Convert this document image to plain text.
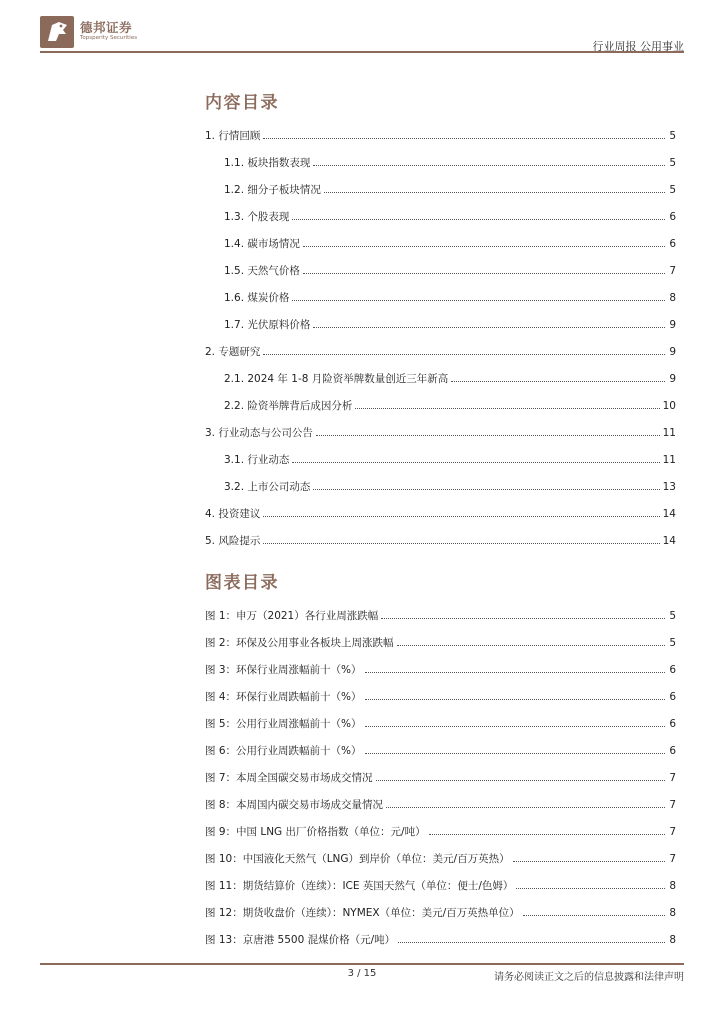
德邦证券
Topsperity Securities
行业周报 公用事业
内容目录
1. 行情回顾	5
1.1. 板块指数表现	5
1.2. 细分子板块情况	5
1.3. 个股表现	6
1.4. 碳市场情况	6
1.5. 天然气价格	7
1.6. 煤炭价格	8
1.7. 光伏原料价格	9
2. 专题研究	9
2.1. 2024 年 1-8 月险资举牌数量创近三年新高	9
2.2. 险资举牌背后成因分析	10
3. 行业动态与公司公告	11
3.1. 行业动态	11
3.2. 上市公司动态	13
4. 投资建议	14
5. 风险提示	14
图表目录
图 1：申万（2021）各行业周涨跌幅	5
图 2：环保及公用事业各板块上周涨跌幅	5
图 3：环保行业周涨幅前十（%）	6
图 4：环保行业周跌幅前十（%）	6
图 5：公用行业周涨幅前十（%）	6
图 6：公用行业周跌幅前十（%）	6
图 7：本周全国碳交易市场成交情况	7
图 8：本周国内碳交易市场成交量情况	7
图 9：中国 LNG 出厂价格指数（单位：元/吨）	7
图 10：中国液化天然气（LNG）到岸价（单位：美元/百万英热）	7
图 11：期货结算价（连续）：ICE 英国天然气（单位：便士/色姆）	8
图 12：期货收盘价（连续）：NYMEX（单位：美元/百万英热单位）	8
图 13：京唐港 5500 混煤价格（元/吨）	8
3 / 15	请务必阅读正文之后的信息披露和法律声明
